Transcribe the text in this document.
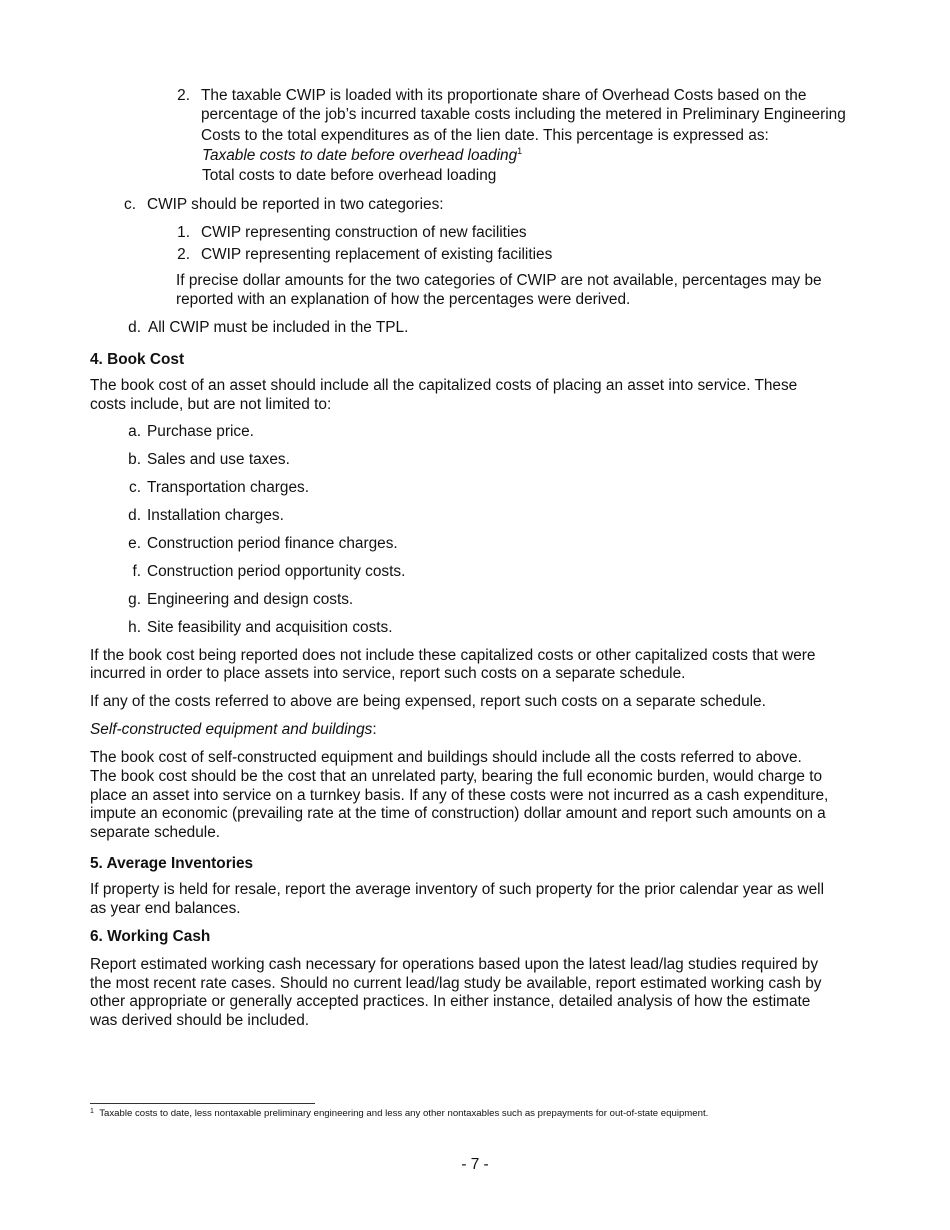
2. The taxable CWIP is loaded with its proportionate share of Overhead Costs based on the
percentage of the job’s incurred taxable costs including the metered in Preliminary Engineering
Costs to the total expenditures as of the lien date. This percentage is expressed as:
Taxable costs to date before overhead loading$^1$
Total costs to date before overhead loading
c. CWIP should be reported in two categories:
1. CWIP representing construction of new facilities
2. CWIP representing replacement of existing facilities
If precise dollar amounts for the two categories of CWIP are not available, percentages may be
reported with an explanation of how the percentages were derived.
d. All CWIP must be included in the TPL.
4. Book Cost
The book cost of an asset should include all the capitalized costs of placing an asset into service. These
costs include, but are not limited to:
a. Purchase price.
b. Sales and use taxes.
c. Transportation charges.
d. Installation charges.
e. Construction period finance charges.
f. Construction period opportunity costs.
g. Engineering and design costs.
h. Site feasibility and acquisition costs.
If the book cost being reported does not include these capitalized costs or other capitalized costs that were
incurred in order to place assets into service, report such costs on a separate schedule.
If any of the costs referred to above are being expensed, report such costs on a separate schedule.
Self-constructed equipment and buildings:
The book cost of self-constructed equipment and buildings should include all the costs referred to above.
The book cost should be the cost that an unrelated party, bearing the full economic burden, would charge to
place an asset into service on a turnkey basis. If any of these costs were not incurred as a cash expenditure,
impute an economic (prevailing rate at the time of construction) dollar amount and report such amounts on a
separate schedule.
5. Average Inventories
If property is held for resale, report the average inventory of such property for the prior calendar year as well
as year end balances.
6. Working Cash
Report estimated working cash necessary for operations based upon the latest lead/lag studies required by
the most recent rate cases. Should no current lead/lag study be available, report estimated working cash by
other appropriate or generally accepted practices. In either instance, detailed analysis of how the estimate
was derived should be included.
$^1$ Taxable costs to date, less nontaxable preliminary engineering and less any other nontaxables such as prepayments for out-of-state equipment.
- 7 -
